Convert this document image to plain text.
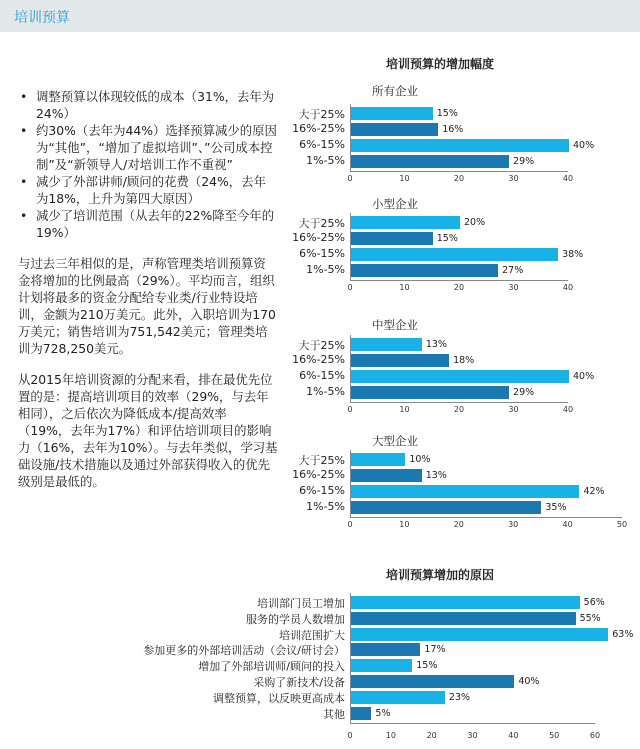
培训预算
• 调整预算以体现较低的成本（31%，去年为24%）
• 约30%（去年为44%）选择预算减少的原因为“其他”，“增加了虚拟培训”、”公司成本控制”及“新领导人/对培训工作不重视”
• 减少了外部讲师/顾问的花费（24%，去年为18%，上升为第四大原因）
• 减少了培训范围（从去年的22%降至今年的19%）

与过去三年相似的是，声称管理类培训预算资金将增加的比例最高（29%）。平均而言，组织计划将最多的资金分配给专业类/行业特设培训，金额为210万美元。此外，入职培训为170万美元；销售培训为751,542美元；管理类培训为728,250美元。

从2015年培训资源的分配来看，排在最优先位置的是：提高培训项目的效率（29%，与去年相同），之后依次为降低成本/提高效率（19%，去年为17%）和评估培训项目的影响力（16%，去年为10%）。与去年类似，学习基础设施/技术措施以及通过外部获得收入的优先级别是最低的。

培训预算的增加幅度
所有企业
大于25%	15%
16%-25%	16%
6%-15%	40%
1%-5%	29%
0	10	20	30	40
小型企业
大于25%	20%
16%-25%	15%
6%-15%	38%
1%-5%	27%
0	10	20	30	40
中型企业
大于25%	13%
16%-25%	18%
6%-15%	40%
1%-5%	29%
0	10	20	30	40
大型企业
大于25%	10%
16%-25%	13%
6%-15%	42%
1%-5%	35%
0	10	20	30	40	50
培训预算增加的原因
培训部门员工增加	56%
服务的学员人数增加	55%
培训范围扩大	63%
参加更多的外部培训活动（会议/研讨会）	17%
增加了外部培训师/顾问的投入	15%
采购了新技术/设备	40%
调整预算，以反映更高成本	23%
其他	5%
0	10	20	30	40	50	60
